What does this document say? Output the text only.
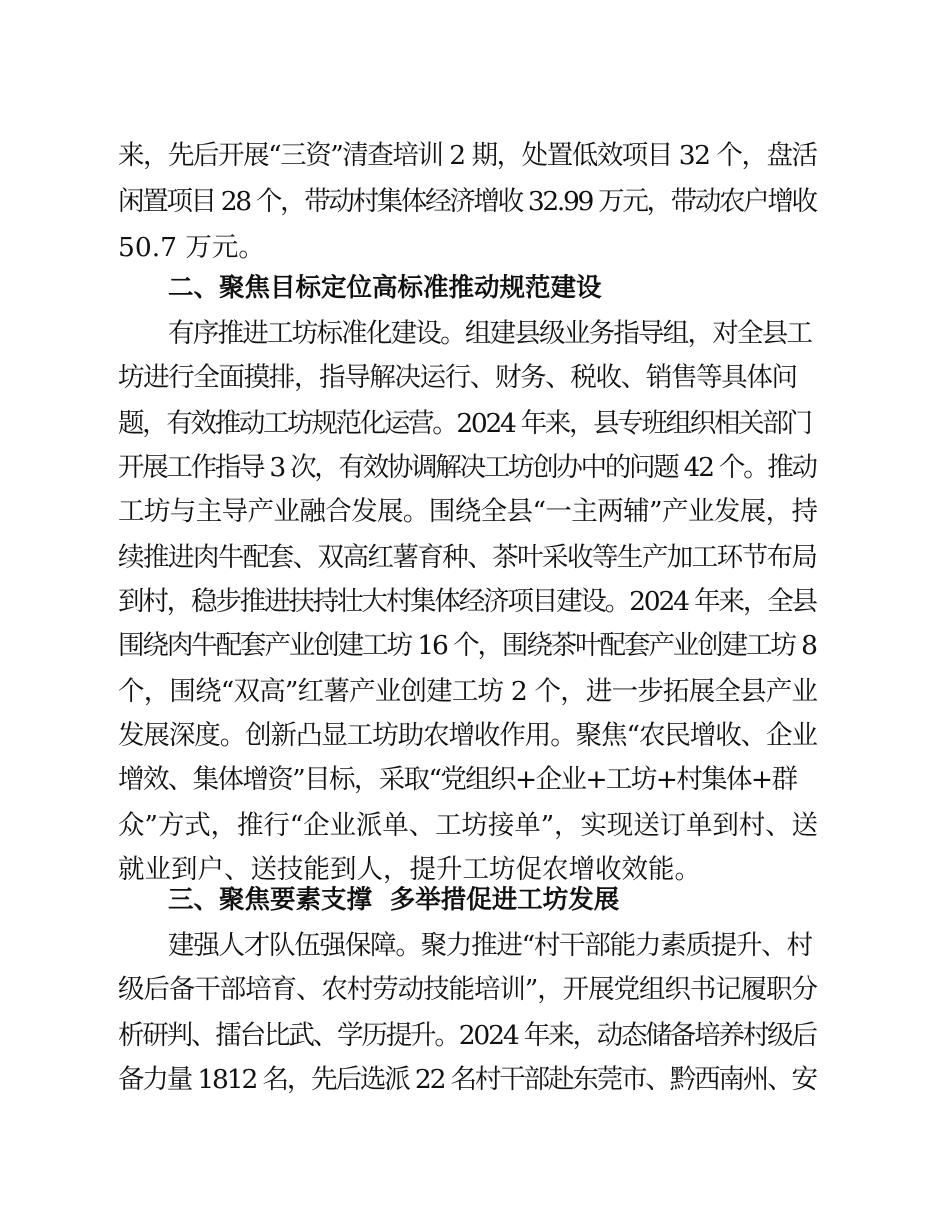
来，先后开展“三资”清查培训 2 期，处置低效项目 32 个，盘活
闲置项目 28 个，带动村集体经济增收 32.99 万元，带动农户增收
50.7 万元。
二、聚焦目标定位高标准推动规范建设
有序推进工坊标准化建设。组建县级业务指导组，对全县工
坊进行全面摸排，指导解决运行、财务、税收、销售等具体问
题，有效推动工坊规范化运营。2024 年来，县专班组织相关部门
开展工作指导 3 次，有效协调解决工坊创办中的问题 42 个。推动
工坊与主导产业融合发展。围绕全县“一主两辅”产业发展，持
续推进肉牛配套、双高红薯育种、茶叶采收等生产加工环节布局
到村，稳步推进扶持壮大村集体经济项目建设。2024 年来，全县
围绕肉牛配套产业创建工坊 16 个，围绕茶叶配套产业创建工坊 8
个，围绕“双高”红薯产业创建工坊 2 个，进一步拓展全县产业
发展深度。创新凸显工坊助农增收作用。聚焦“农民增收、企业
增效、集体增资”目标，采取“党组织+企业+工坊+村集体+群
众”方式，推行“企业派单、工坊接单”，实现送订单到村、送
就业到户、送技能到人，提升工坊促农增收效能。
三、聚焦要素支撑  多举措促进工坊发展
建强人才队伍强保障。聚力推进“村干部能力素质提升、村
级后备干部培育、农村劳动技能培训”，开展党组织书记履职分
析研判、擂台比武、学历提升。2024 年来，动态储备培养村级后
备力量 1812 名，先后选派 22 名村干部赴东莞市、黔西南州、安
